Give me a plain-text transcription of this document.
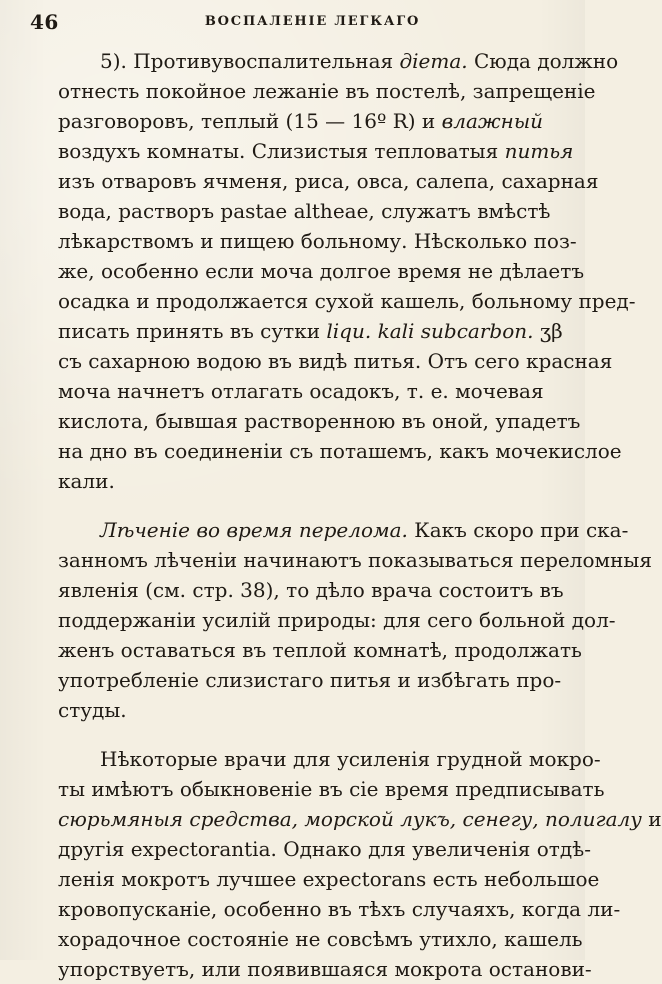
46	ВОСПАЛЕНІЕ ЛЕГКАГО
5). Противувоспалительная діета. Сюда должно
отнесть покойное лежаніе въ постелѣ, запрещеніе
разговоровъ, теплый (15 — 16º R) и влажный
воздухъ комнаты. Слизистыя тепловатыя питья
изъ отваровъ ячменя, риса, овса, салепа, сахарная
вода, растворъ pastae altheae, служатъ вмѣстѣ
лѣкарствомъ и пищею больному. Нѣсколько поз-
же, особенно если моча долгое время не дѣлаетъ
осадка и продолжается сухой кашель, больному пред-
писать принять въ сутки liqu. kali subcarbon. ʒβ
съ сахарною водою въ видѣ питья. Отъ сего красная
моча начнетъ отлагать осадокъ, т. е. мочевая
кислота, бывшая растворенною въ оной, упадетъ
на дно въ соединеніи съ поташемъ, какъ мочекислое
кали.
Лѣченіе во время перелома. Какъ скоро при ска-
занномъ лѣченіи начинаютъ показываться переломныя
явленія (см. стр. 38), то дѣло врача состоитъ въ
поддержаніи усилій природы: для сего больной дол-
женъ оставаться въ теплой комнатѣ, продолжать
употребленіе слизистаго питья и избѣгать про-
студы.
Нѣкоторые врачи для усиленія грудной мокро-
ты имѣютъ обыкновеніе въ сіе время предписывать
сюрьмяныя средства, морской лукъ, сенегу, полигалу и
другія expectorantia. Однако для увеличенія отдѣ-
ленія мокротъ лучшее expectorans есть небольшое
кровопусканіе, особенно въ тѣхъ случаяхъ, когда ли-
хорадочное состояніе не совсѣмъ утихло, кашель
упорствуетъ, или появившаяся мокрота останови-
